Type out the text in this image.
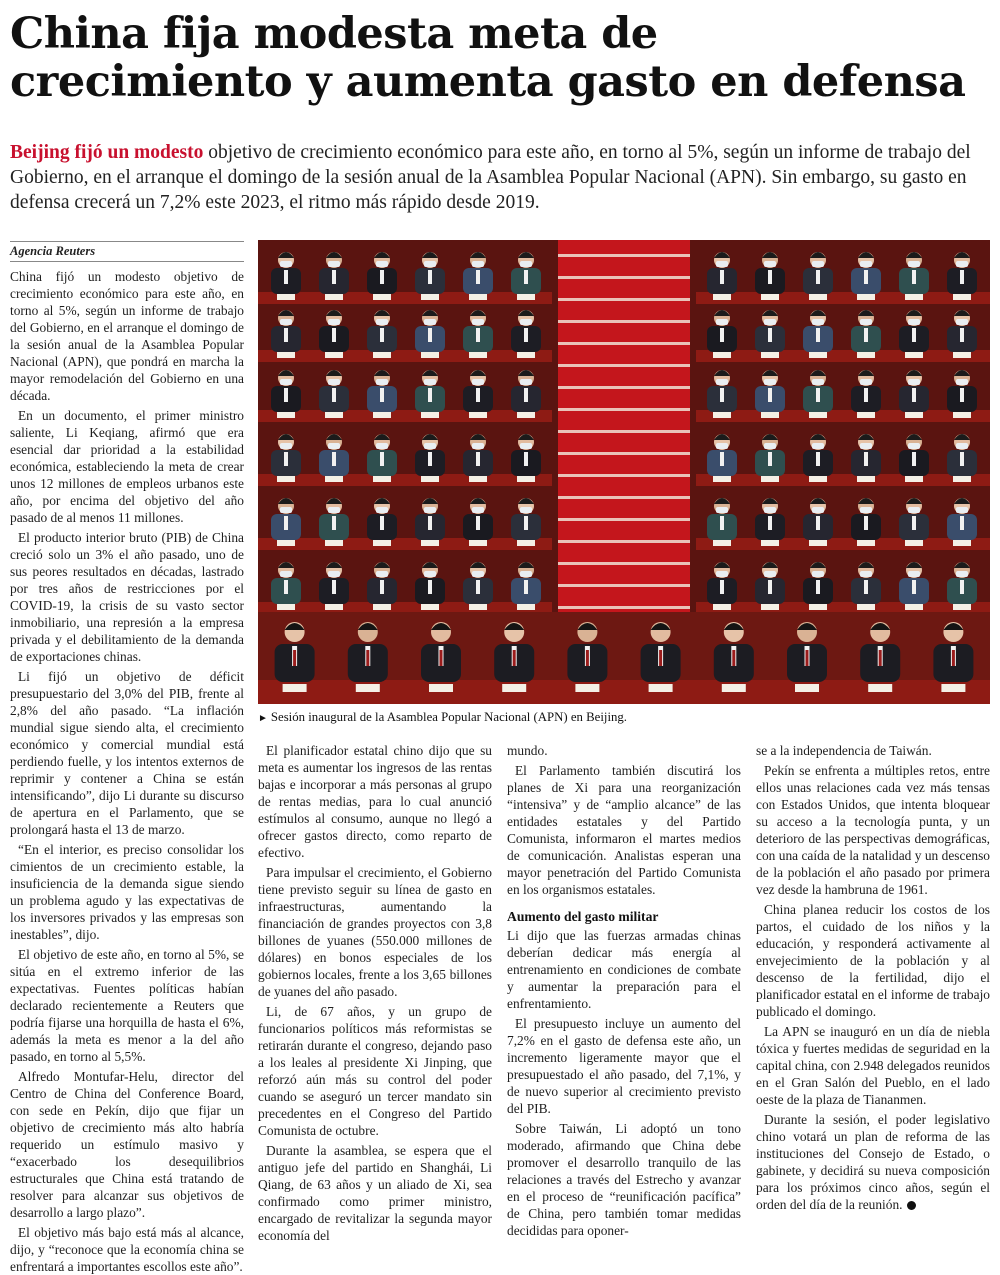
China fija modesta meta de
crecimiento y aumenta gasto en defensa

Beijing fijó un modesto objetivo de crecimiento económico para este año, en torno al 5%, según un informe de trabajo del Gobierno, en el arranque el domingo de la sesión anual de la Asamblea Popular Nacional (APN). Sin embargo, su gasto en defensa crecerá un 7,2% este 2023, el ritmo más rápido desde 2019.

Agencia Reuters

China fijó un modesto objetivo de crecimiento económico para este año, en torno al 5%, según un informe de trabajo del Gobierno, en el arranque el domingo de la sesión anual de la Asamblea Popular Nacional (APN), que pondrá en marcha la mayor remodelación del Gobierno en una década.

En un documento, el primer ministro saliente, Li Keqiang, afirmó que era esencial dar prioridad a la estabilidad económica, estableciendo la meta de crear unos 12 millones de empleos urbanos este año, por encima del objetivo del año pasado de al menos 11 millones.

El producto interior bruto (PIB) de China creció solo un 3% el año pasado, uno de sus peores resultados en décadas, lastrado por tres años de restricciones por el COVID-19, la crisis de su vasto sector inmobiliario, una represión a la empresa privada y el debilitamiento de la demanda de exportaciones chinas.

Li fijó un objetivo de déficit presupuestario del 3,0% del PIB, frente al 2,8% del año pasado. “La inflación mundial sigue siendo alta, el crecimiento económico y comercial mundial está perdiendo fuelle, y los intentos externos de reprimir y contener a China se están intensificando”, dijo Li durante su discurso de apertura en el Parlamento, que se prolongará hasta el 13 de marzo.

“En el interior, es preciso consolidar los cimientos de un crecimiento estable, la insuficiencia de la demanda sigue siendo un problema agudo y las expectativas de los inversores privados y las empresas son inestables”, dijo.

El objetivo de este año, en torno al 5%, se sitúa en el extremo inferior de las expectativas. Fuentes políticas habían declarado recientemente a Reuters que podría fijarse una horquilla de hasta el 6%, además la meta es menor a la del año pasado, en torno al 5,5%.

Alfredo Montufar-Helu, director del Centro de China del Conference Board, con sede en Pekín, dijo que fijar un objetivo de crecimiento más alto habría requerido un estímulo masivo y “exacerbado los desequilibrios estructurales que China está tratando de resolver para alcanzar sus objetivos de desarrollo a largo plazo”.

El objetivo más bajo está más al alcance, dijo, y “reconoce que la economía china se enfrentará a importantes escollos este año”.

► Sesión inaugural de la Asamblea Popular Nacional (APN) en Beijing.

El planificador estatal chino dijo que su meta es aumentar los ingresos de las rentas bajas e incorporar a más personas al grupo de rentas medias, para lo cual anunció estímulos al consumo, aunque no llegó a ofrecer gastos directo, como reparto de efectivo.

Para impulsar el crecimiento, el Gobierno tiene previsto seguir su línea de gasto en infraestructuras, aumentando la financiación de grandes proyectos con 3,8 billones de yuanes (550.000 millones de dólares) en bonos especiales de los gobiernos locales, frente a los 3,65 billones de yuanes del año pasado.

Li, de 67 años, y un grupo de funcionarios políticos más reformistas se retirarán durante el congreso, dejando paso a los leales al presidente Xi Jinping, que reforzó aún más su control del poder cuando se aseguró un tercer mandato sin precedentes en el Congreso del Partido Comunista de octubre.

Durante la asamblea, se espera que el antiguo jefe del partido en Shanghái, Li Qiang, de 63 años y un aliado de Xi, sea confirmado como primer ministro, encargado de revitalizar la segunda mayor economía del

mundo.

El Parlamento también discutirá los planes de Xi para una reorganización “intensiva” y de “amplio alcance” de las entidades estatales y del Partido Comunista, informaron el martes medios de comunicación. Analistas esperan una mayor penetración del Partido Comunista en los organismos estatales.

Aumento del gasto militar

Li dijo que las fuerzas armadas chinas deberían dedicar más energía al entrenamiento en condiciones de combate y aumentar la preparación para el enfrentamiento.

El presupuesto incluye un aumento del 7,2% en el gasto de defensa este año, un incremento ligeramente mayor que el presupuestado el año pasado, del 7,1%, y de nuevo superior al crecimiento previsto del PIB.

Sobre Taiwán, Li adoptó un tono moderado, afirmando que China debe promover el desarrollo tranquilo de las relaciones a través del Estrecho y avanzar en el proceso de “reunificación pacífica” de China, pero también tomar medidas decididas para oponer-

se a la independencia de Taiwán.

Pekín se enfrenta a múltiples retos, entre ellos unas relaciones cada vez más tensas con Estados Unidos, que intenta bloquear su acceso a la tecnología punta, y un deterioro de las perspectivas demográficas, con una caída de la natalidad y un descenso de la población el año pasado por primera vez desde la hambruna de 1961.

China planea reducir los costos de los partos, el cuidado de los niños y la educación, y responderá activamente al envejecimiento de la población y al descenso de la fertilidad, dijo el planificador estatal en el informe de trabajo publicado el domingo.

La APN se inauguró en un día de niebla tóxica y fuertes medidas de seguridad en la capital china, con 2.948 delegados reunidos en el Gran Salón del Pueblo, en el lado oeste de la plaza de Tiananmen.

Durante la sesión, el poder legislativo chino votará un plan de reforma de las instituciones del Consejo de Estado, o gabinete, y decidirá su nueva composición para los próximos cinco años, según el orden del día de la reunión.
